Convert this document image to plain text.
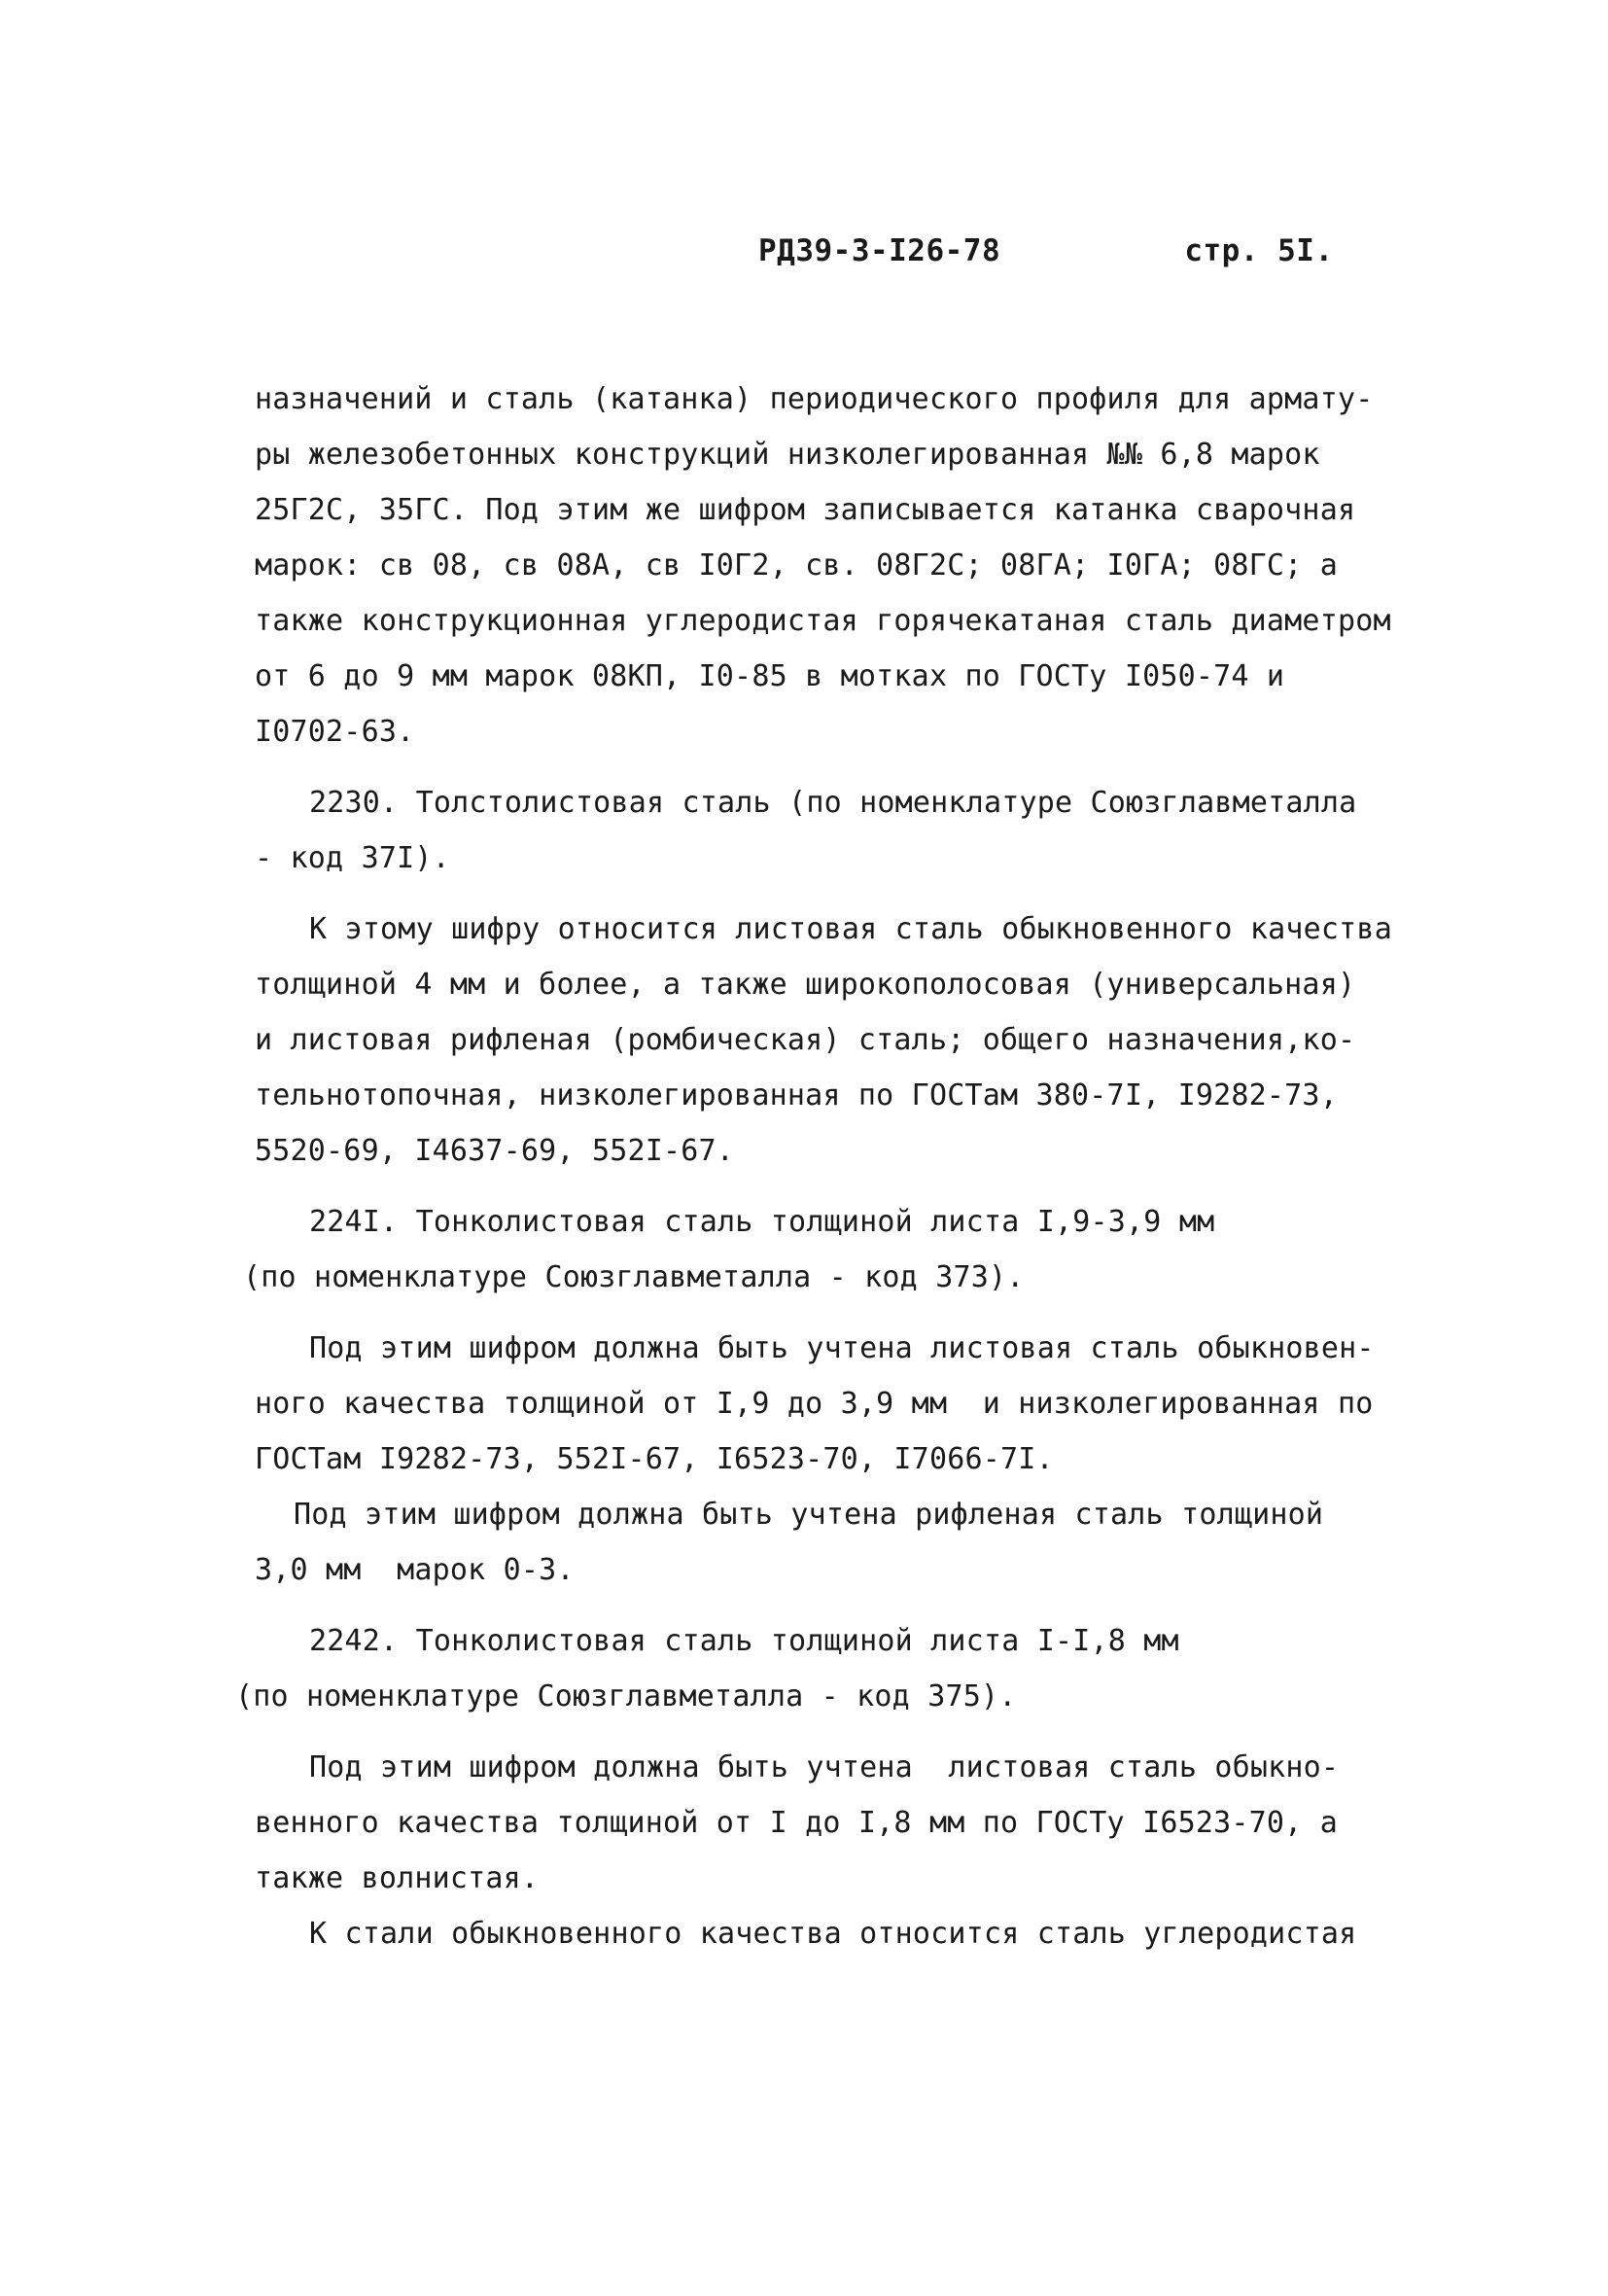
РДЗ9-3-I26-78	стр. 5I.
назначений и сталь (катанка) периодического профиля для армату-
ры железобетонных конструкций низколегированная №№ 6,8 марок
25Г2С, 35ГС. Под этим же шифром записывается катанка сварочная
марок: св 08, св 08А, св I0Г2, св. 08Г2С; 08ГА; I0ГА; 08ГС; а
также конструкционная углеродистая горячекатаная сталь диаметром
от 6 до 9 мм марок 08КП, I0-85 в мотках по ГОСТу I050-74 и
I0702-63.
2230. Толстолистовая сталь (по номенклатуре Союзглавметалла
- код 37I).
К этому шифру относится листовая сталь обыкновенного качества
толщиной 4 мм и более, а также широкополосовая (универсальная)
и листовая рифленая (ромбическая) сталь; общего назначения,ко-
тельнотопочная, низколегированная по ГОСТам 380-7I, I9282-73,
5520-69, I4637-69, 552I-67.
224I. Тонколистовая сталь толщиной листа I,9-3,9 мм
(по номенклатуре Союзглавметалла - код 373).
Под этим шифром должна быть учтена листовая сталь обыкновен-
ного качества толщиной от I,9 до 3,9 мм  и низколегированная по
ГОСТам I9282-73, 552I-67, I6523-70, I7066-7I.
Под этим шифром должна быть учтена рифленая сталь толщиной
3,0 мм  марок 0-3.
2242. Тонколистовая сталь толщиной листа I-I,8 мм
(по номенклатуре Союзглавметалла - код 375).
Под этим шифром должна быть учтена  листовая сталь обыкно-
венного качества толщиной от I до I,8 мм по ГОСТу I6523-70, а
также волнистая.
К стали обыкновенного качества относится сталь углеродистая
